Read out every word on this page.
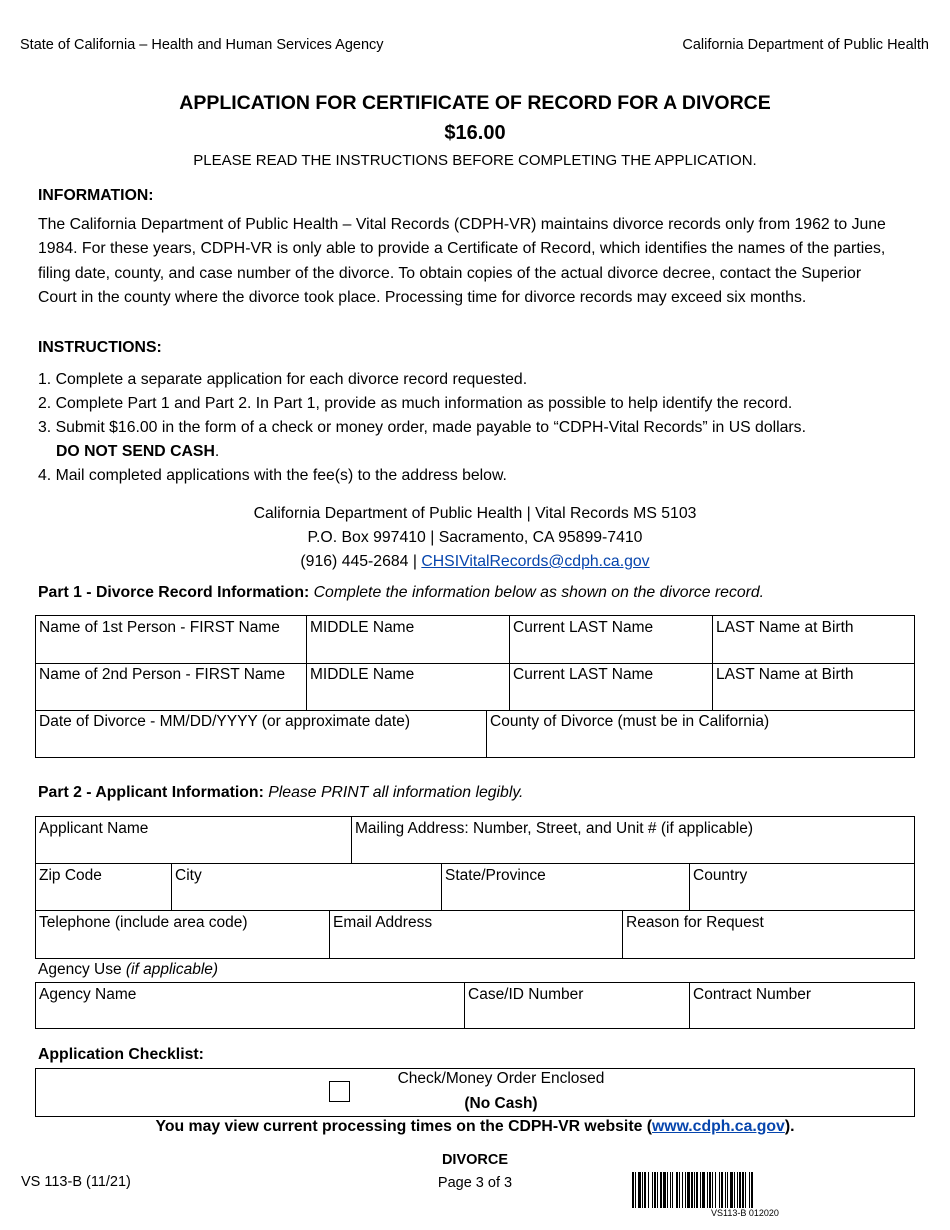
State of California – Health and Human Services Agency	California Department of Public Health
APPLICATION FOR CERTIFICATE OF RECORD FOR A DIVORCE
$16.00
PLEASE READ THE INSTRUCTIONS BEFORE COMPLETING THE APPLICATION.
INFORMATION:
The California Department of Public Health – Vital Records (CDPH-VR) maintains divorce records only from 1962 to June 1984. For these years, CDPH-VR is only able to provide a Certificate of Record, which identifies the names of the parties, filing date, county, and case number of the divorce. To obtain copies of the actual divorce decree, contact the Superior Court in the county where the divorce took place. Processing time for divorce records may exceed six months.
INSTRUCTIONS:
1. Complete a separate application for each divorce record requested.
2. Complete Part 1 and Part 2. In Part 1, provide as much information as possible to help identify the record.
3. Submit $16.00 in the form of a check or money order, made payable to “CDPH-Vital Records” in US dollars.
DO NOT SEND CASH.
4. Mail completed applications with the fee(s) to the address below.
California Department of Public Health | Vital Records MS 5103
P.O. Box 997410 | Sacramento, CA 95899-7410
(916) 445-2684 | CHSIVitalRecords@cdph.ca.gov
Part 1 - Divorce Record Information: Complete the information below as shown on the divorce record.
Name of 1st Person - FIRST Name	MIDDLE Name	Current LAST Name	LAST Name at Birth
Name of 2nd Person - FIRST Name	MIDDLE Name	Current LAST Name	LAST Name at Birth
Date of Divorce - MM/DD/YYYY (or approximate date)	County of Divorce (must be in California)
Part 2 - Applicant Information: Please PRINT all information legibly.
Applicant Name	Mailing Address: Number, Street, and Unit # (if applicable)
Zip Code	City	State/Province	Country
Telephone (include area code)	Email Address	Reason for Request
Agency Use (if applicable)
Agency Name	Case/ID Number	Contract Number
Application Checklist:
Check/Money Order Enclosed
(No Cash)
You may view current processing times on the CDPH-VR website (www.cdph.ca.gov).
VS 113-B (11/21)
DIVORCE
Page 3 of 3
VS113-B 012020
